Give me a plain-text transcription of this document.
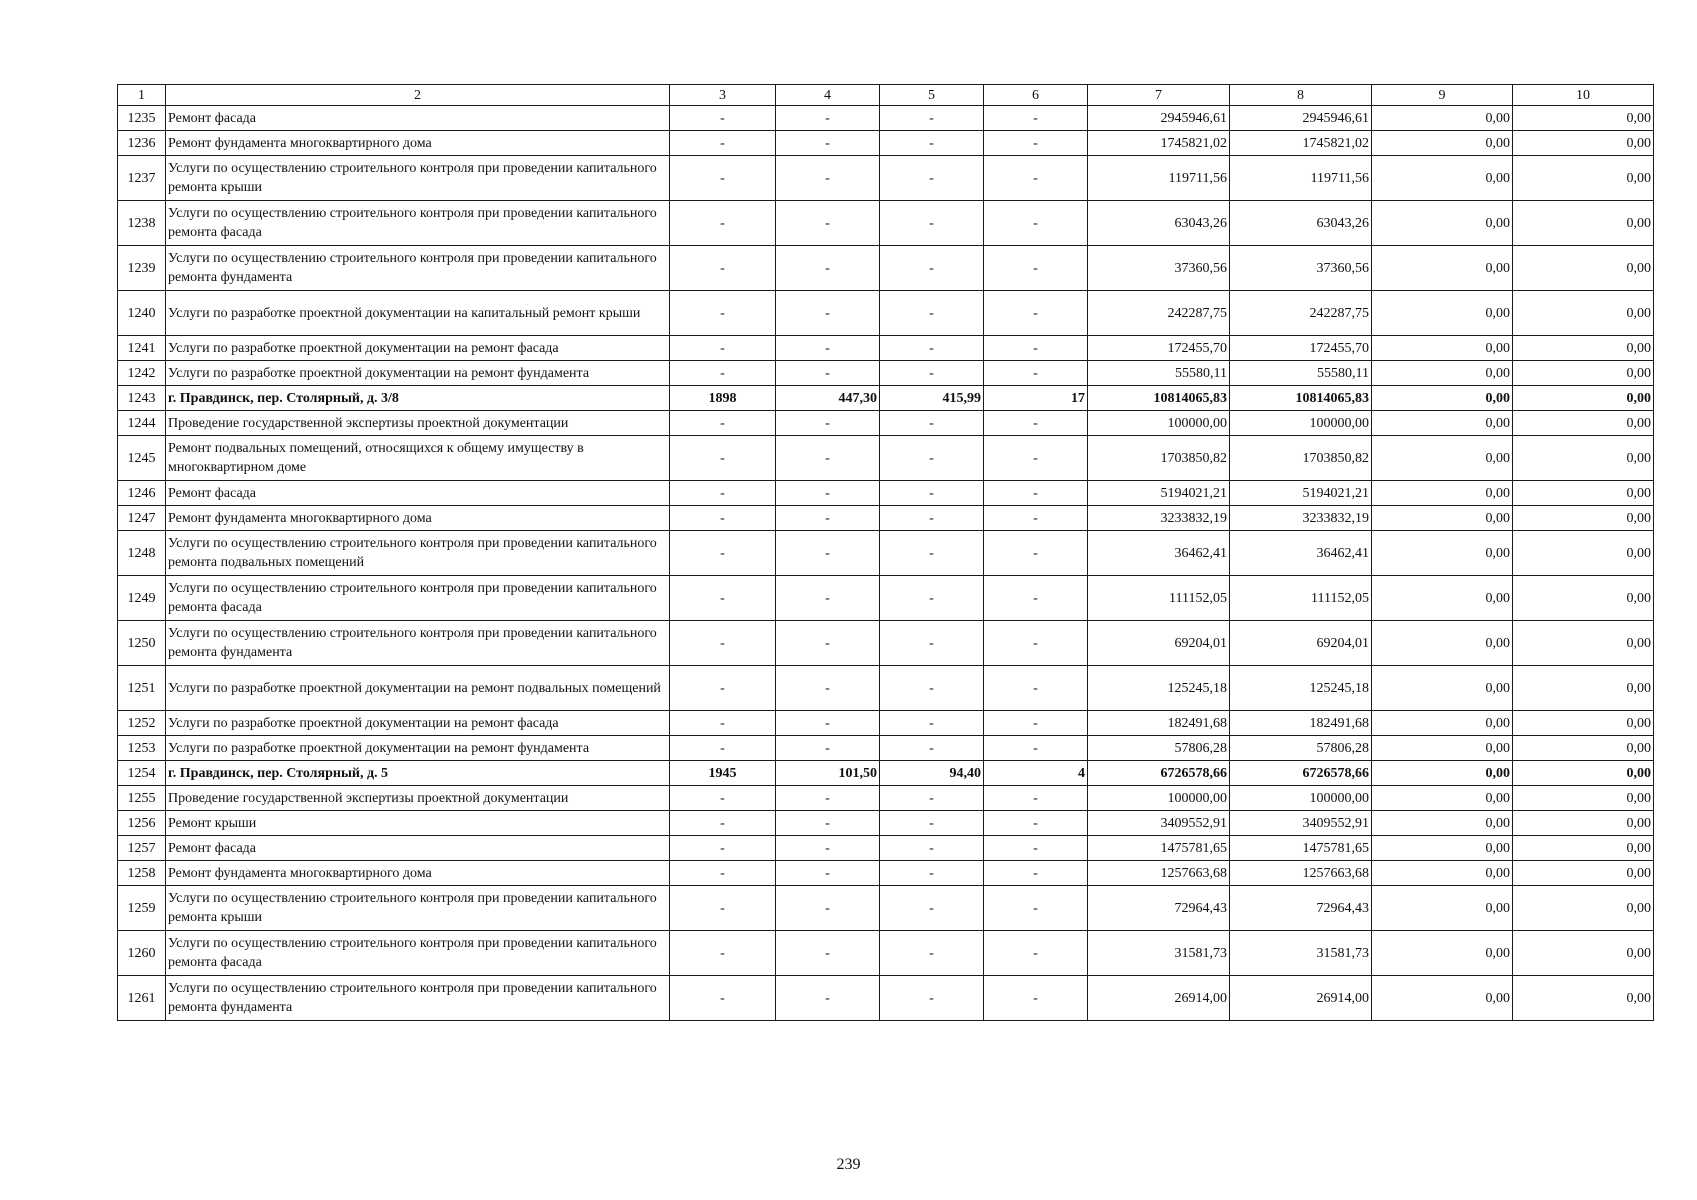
1	2	3	4	5	6	7	8	9	10
1235	Ремонт фасада	-	-	-	-	2945946,61	2945946,61	0,00	0,00
1236	Ремонт фундамента многоквартирного дома	-	-	-	-	1745821,02	1745821,02	0,00	0,00
1237	Услуги по осуществлению строительного контроля при проведении капитального ремонта крыши	-	-	-	-	119711,56	119711,56	0,00	0,00
1238	Услуги по осуществлению строительного контроля при проведении капитального ремонта фасада	-	-	-	-	63043,26	63043,26	0,00	0,00
1239	Услуги по осуществлению строительного контроля при проведении капитального ремонта фундамента	-	-	-	-	37360,56	37360,56	0,00	0,00
1240	Услуги по разработке проектной документации на капитальный ремонт крыши	-	-	-	-	242287,75	242287,75	0,00	0,00
1241	Услуги по разработке проектной документации на ремонт фасада	-	-	-	-	172455,70	172455,70	0,00	0,00
1242	Услуги по разработке проектной документации на ремонт фундамента	-	-	-	-	55580,11	55580,11	0,00	0,00
1243	г. Правдинск, пер. Столярный, д. 3/8	1898	447,30	415,99	17	10814065,83	10814065,83	0,00	0,00
1244	Проведение государственной экспертизы проектной документации	-	-	-	-	100000,00	100000,00	0,00	0,00
1245	Ремонт подвальных помещений, относящихся к общему имуществу в многоквартирном доме	-	-	-	-	1703850,82	1703850,82	0,00	0,00
1246	Ремонт фасада	-	-	-	-	5194021,21	5194021,21	0,00	0,00
1247	Ремонт фундамента многоквартирного дома	-	-	-	-	3233832,19	3233832,19	0,00	0,00
1248	Услуги по осуществлению строительного контроля при проведении капитального ремонта подвальных помещений	-	-	-	-	36462,41	36462,41	0,00	0,00
1249	Услуги по осуществлению строительного контроля при проведении капитального ремонта фасада	-	-	-	-	111152,05	111152,05	0,00	0,00
1250	Услуги по осуществлению строительного контроля при проведении капитального ремонта фундамента	-	-	-	-	69204,01	69204,01	0,00	0,00
1251	Услуги по разработке проектной документации на ремонт подвальных помещений	-	-	-	-	125245,18	125245,18	0,00	0,00
1252	Услуги по разработке проектной документации на ремонт фасада	-	-	-	-	182491,68	182491,68	0,00	0,00
1253	Услуги по разработке проектной документации на ремонт фундамента	-	-	-	-	57806,28	57806,28	0,00	0,00
1254	г. Правдинск, пер. Столярный, д. 5	1945	101,50	94,40	4	6726578,66	6726578,66	0,00	0,00
1255	Проведение государственной экспертизы проектной документации	-	-	-	-	100000,00	100000,00	0,00	0,00
1256	Ремонт крыши	-	-	-	-	3409552,91	3409552,91	0,00	0,00
1257	Ремонт фасада	-	-	-	-	1475781,65	1475781,65	0,00	0,00
1258	Ремонт фундамента многоквартирного дома	-	-	-	-	1257663,68	1257663,68	0,00	0,00
1259	Услуги по осуществлению строительного контроля при проведении капитального ремонта крыши	-	-	-	-	72964,43	72964,43	0,00	0,00
1260	Услуги по осуществлению строительного контроля при проведении капитального ремонта фасада	-	-	-	-	31581,73	31581,73	0,00	0,00
1261	Услуги по осуществлению строительного контроля при проведении капитального ремонта фундамента	-	-	-	-	26914,00	26914,00	0,00	0,00
239
